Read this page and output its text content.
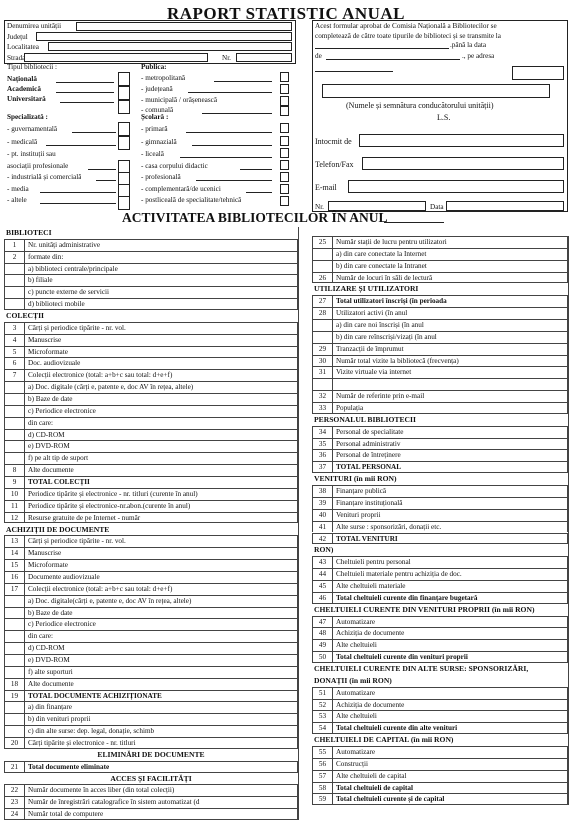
RAPORT STATISTIC ANUAL
Denumirea unității
Județul
Localitatea
Strada	Nr.
Tipul bibliotecii :
Națională
Academică
Universitară
Specializată :
- guvernamentală
- medicală
- pt. instituții sau
asociații profesionale
- industrială și comercială
- media
- altele
Publica:
- metropolitană
- județeană
- municipală / orășenească
- comunală
Școlară :
- primară
- gimnazială
- liceală
- casa corpului didactic
- profesională
- complementară/de ucenici
- postliceală de specialitate/tehnică
Acest formular aprobat de Comisia Națională a Bibliotecilor se
completează de către toate tipurile de biblioteci și se transmite la
.până la data
de	., pe adresa
(Numele și semnătura conducătorului unității)
L.S.
Întocmit de
Telefon/Fax
E-mail
Nr.	Data
ACTIVITATEA BIBLIOTECILOR ÎN ANUL
BIBLIOTECI
1	Nr. unități administrative
2	formate din:
a) biblioteci centrale/principale
b) filiale
c) puncte externe de servicii
d) biblioteci mobile
COLECȚII
3	Cărți și periodice tipărite - nr. vol.
4	Manuscrise
5	Microformate
6	Doc. audiovizuale
7	Colecții electronice (total: a+b+c sau total: d+e+f)
a) Doc. digitale (cărți e, patente e, doc AV în rețea, altele)
b) Baze de date
c) Periodice electronice
din care:
d) CD-ROM
e) DVD-ROM
f) pe alt tip de suport
8	Alte documente
9	TOTAL COLECȚII
10	Periodice tipărite și electronice - nr. titluri (curente în anul)
11	Periodice tipărite și electronice-nr.abon.(curente în anul)
12	Resurse gratuite de pe Internet - număr
ACHIZIȚII DE DOCUMENTE
13	Cărți și periodice tipărite - nr. vol.
14	Manuscrise
15	Microformate
16	Documente audiovizuale
17	Colecții electronice (total: a+b+c sau total: d+e+f)
a) Doc. digitale(cărți e, patente e, doc AV în rețea, altele)
b) Baze de date
c) Periodice electronice
din care:
d) CD-ROM
e) DVD-ROM
f) alte suporturi
18	Alte documente
19	TOTAL DOCUMENTE ACHIZIȚIONATE
a) din finanțare
b) din venituri proprii
c) din alte surse: dep. legal, donație, schimb
20	Cărți tipărite și electronice - nr. titluri
ELIMINĂRI DE DOCUMENTE
21	Total documente eliminate
ACCES ȘI FACILITĂȚI
22	Număr documente în acces liber (din total colecții)
23	Număr de înregistrări catalografice în sistem automatizat (d
24	Număr total de computere
25	Număr stații de lucru pentru utilizatori
a) din care conectate la Internet
b) din care conectate la Intranet
26	Număr de locuri în săli de lectură
UTILIZARE ȘI UTILIZATORI
27	Total utilizatori înscriși (în perioada
28	Utilizatori activi (în anul
a) din care noi înscriși (în anul
b) din care reînscriși/vizați (în anul
29	Tranzacții de împrumut
30	Număr total vizite la bibliotecă (frecvența)
31	Vizite virtuale via internet
32	Număr de referinte prin e-mail
33	Populația
PERSONALUL BIBLIOTECII
34	Personal de specialitate
35	Personal administrativ
36	Personal de întreținere
37	TOTAL PERSONAL
VENITURI (în mii RON)
38	Finanțare publică
39	Finanțare instituțională
40	Venituri proprii
41	Alte surse : sponsorizări, donații etc.
42	TOTAL VENITURI
RON)
43	Cheltuieli pentru personal
44	Cheltuieli materiale pentru achiziția de doc.
45	Alte cheltuieli materiale
46	Total cheltuieli curente din finanțare bugetară
CHELTUIELI CURENTE DIN VENITURI PROPRII (în mii RON)
47	Automatizare
48	Achiziția de documente
49	Alte cheltuieli
50	Total cheltuieli curente din venituri proprii
CHELTUIELI CURENTE DIN ALTE SURSE: SPONSORIZĂRI,
DONAȚII (în mii RON)
51	Automatizare
52	Achiziția de documente
53	Alte cheltuieli
54	Total cheltuieli curente din alte venituri
CHELTUIELI DE CAPITAL (în mii RON)
55	Automatizare
56	Construcții
57	Alte cheltuieli de capital
58	Total cheltuieli de capital
59	Total cheltuieli curente și de capital
